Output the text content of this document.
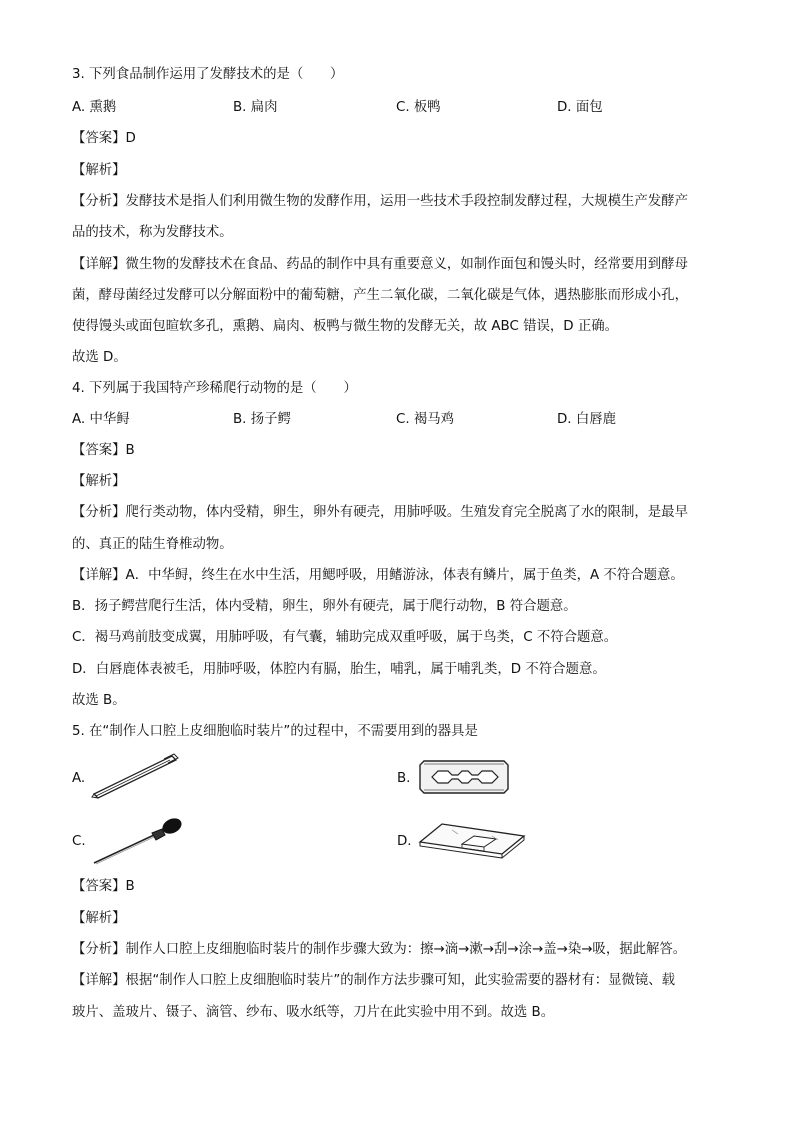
3. 下列食品制作运用了发酵技术的是（　　）
A. 熏鹅	B. 扁肉	C. 板鸭	D. 面包
【答案】D
【解析】
【分析】发酵技术是指人们利用微生物的发酵作用，运用一些技术手段控制发酵过程，大规模生产发酵产
品的技术，称为发酵技术。
【详解】微生物的发酵技术在食品、药品的制作中具有重要意义，如制作面包和馒头时，经常要用到酵母
菌，酵母菌经过发酵可以分解面粉中的葡萄糖，产生二氧化碳，二氧化碳是气体，遇热膨胀而形成小孔，
使得馒头或面包暄软多孔，熏鹅、扁肉、板鸭与微生物的发酵无关，故 ABC 错误，D 正确。
故选 D。
4. 下列属于我国特产珍稀爬行动物的是（　　）
A. 中华鲟	B. 扬子鳄	C. 褐马鸡	D. 白唇鹿
【答案】B
【解析】
【分析】爬行类动物，体内受精，卵生，卵外有硬壳，用肺呼吸。生殖发育完全脱离了水的限制，是最早
的、真正的陆生脊椎动物。
【详解】A．中华鲟，终生在水中生活，用鳃呼吸，用鳍游泳，体表有鳞片，属于鱼类，A 不符合题意。
B．扬子鳄营爬行生活，体内受精，卵生，卵外有硬壳，属于爬行动物，B 符合题意。
C．褐马鸡前肢变成翼，用肺呼吸，有气囊，辅助完成双重呼吸，属于鸟类，C 不符合题意。
D．白唇鹿体表被毛，用肺呼吸，体腔内有膈，胎生，哺乳，属于哺乳类，D 不符合题意。
故选 B。
5. 在“制作人口腔上皮细胞临时装片”的过程中，不需要用到的器具是
A.	B.
C.	D.
【答案】B
【解析】
【分析】制作人口腔上皮细胞临时装片的制作步骤大致为：擦→滴→漱→刮→涂→盖→染→吸，据此解答。
【详解】根据“制作人口腔上皮细胞临时装片”的制作方法步骤可知，此实验需要的器材有：显微镜、载
玻片、盖玻片、镊子、滴管、纱布、吸水纸等，刀片在此实验中用不到。故选 B。
